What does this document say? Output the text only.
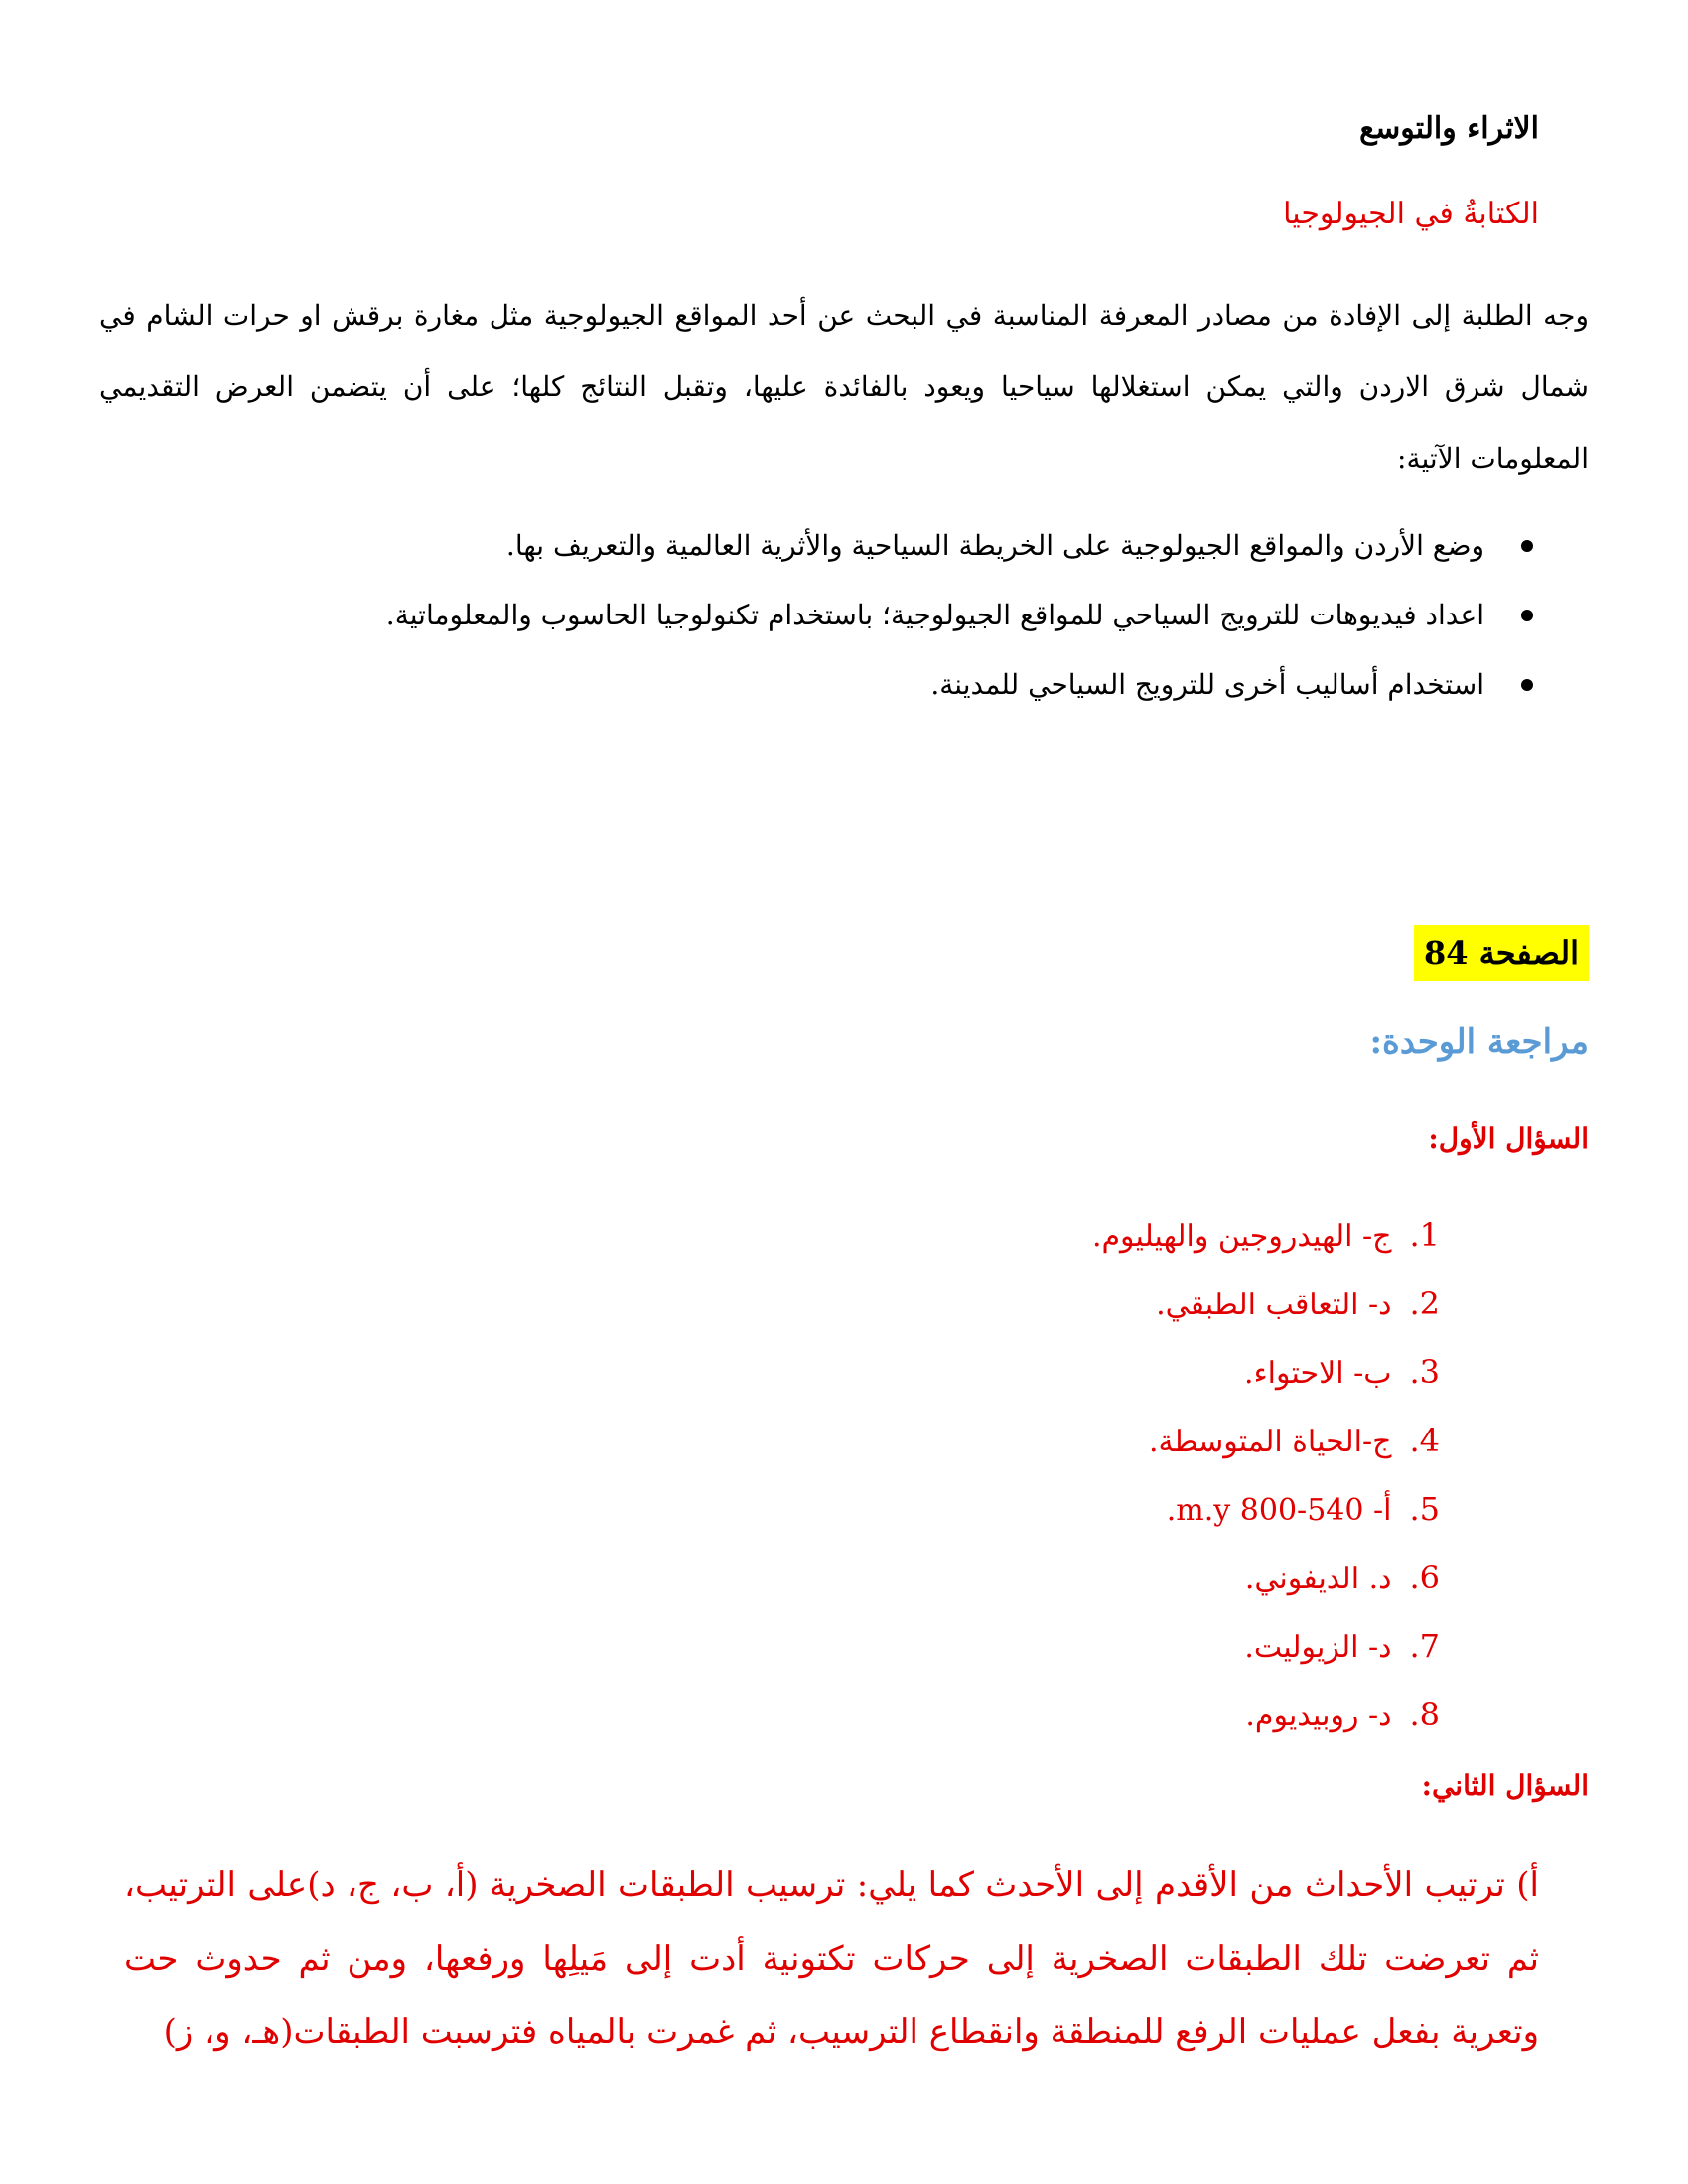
الاثراء والتوسع
الكتابةُ في الجيولوجيا
وجه الطلبة إلى الإفادة من مصادر المعرفة المناسبة في البحث عن أحد المواقع الجيولوجية مثل مغارة برقش او حرات الشام في شمال شرق الاردن والتي يمكن استغلالها سياحيا ويعود بالفائدة عليها، وتقبل النتائج كلها؛ على أن يتضمن العرض التقديمي المعلومات الآتية:
وضع الأردن والمواقع الجيولوجية على الخريطة السياحية والأثرية العالمية والتعريف بها.
اعداد فيديوهات للترويج السياحي للمواقع الجيولوجية؛ باستخدام تكنولوجيا الحاسوب والمعلوماتية.
استخدام أساليب أخرى للترويج السياحي للمدينة.
الصفحة 84
مراجعة الوحدة:
السؤال الأول:
1.ج- الهيدروجين والهيليوم.
2.د- التعاقب الطبقي.
3.ب- الاحتواء.
4.ج-الحياة المتوسطة.
5.أ- 540-800 m.y.
6.د. الديفوني.
7.د- الزيوليت.
8.د- روبيديوم.
السؤال الثاني:
أ) ترتيب الأحداث من الأقدم إلى الأحدث كما يلي: ترسيب الطبقات الصخرية (أ، ب، ج، د)على الترتيب، ثم تعرضت تلك الطبقات الصخرية إلى حركات تكتونية أدت إلى مَيلِها ورفعها، ومن ثم حدوث حت وتعرية بفعل عمليات الرفع للمنطقة وانقطاع الترسيب، ثم غمرت بالمياه فترسبت الطبقات(هـ، و، ز)
